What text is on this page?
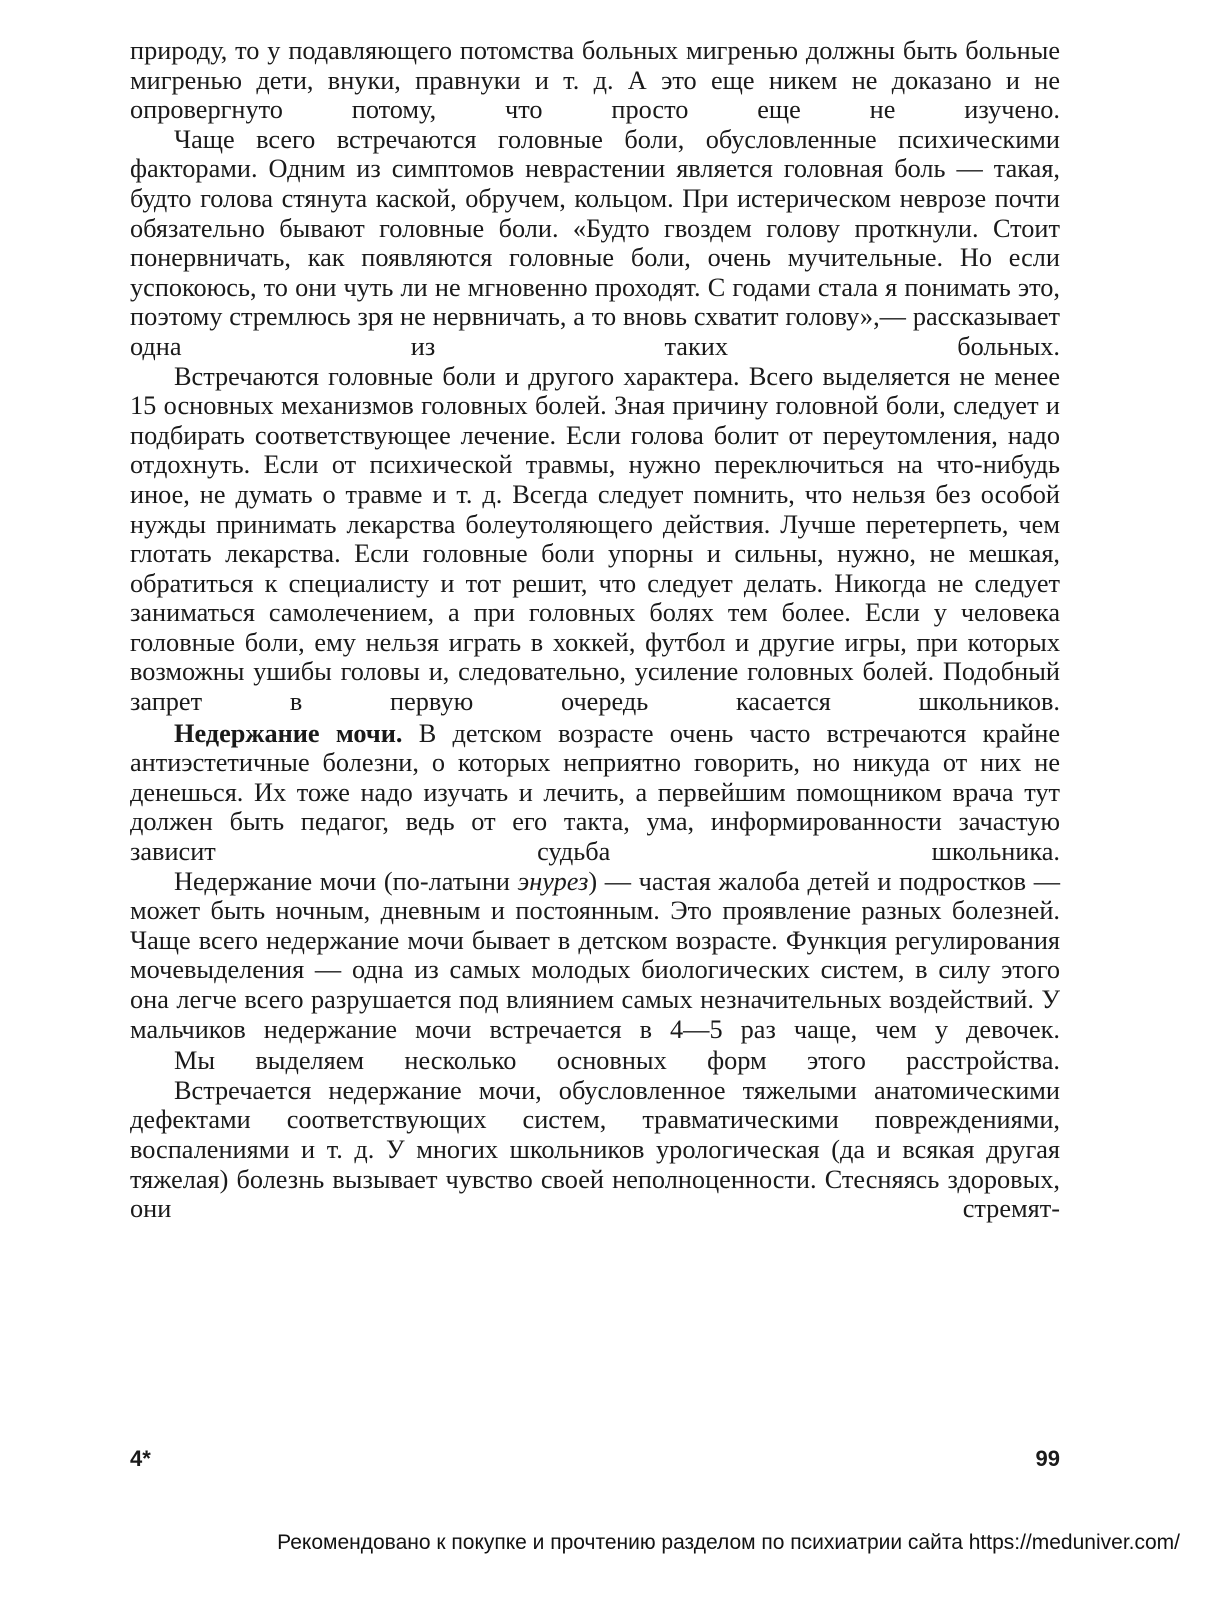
природу, то у подавляющего потомства больных мигренью должны быть больные мигренью дети, внуки, правнуки и т. д. А это еще никем не доказано и не опровергнуто потому, что просто еще не изучено.

Чаще всего встречаются головные боли, обусловленные психическими факторами. Одним из симптомов неврастении является головная боль — такая, будто голова стянута каской, обручем, кольцом. При истерическом неврозе почти обязательно бывают головные боли. «Будто гвоздем голову проткнули. Стоит понервничать, как появляются головные боли, очень мучительные. Но если успокоюсь, то они чуть ли не мгновенно проходят. С годами стала я понимать это, поэтому стремлюсь зря не нервничать, а то вновь схватит голову»,— рассказывает одна из таких больных.

Встречаются головные боли и другого характера. Всего выделяется не менее 15 основных механизмов головных болей. Зная причину головной боли, следует и подбирать соответствующее лечение. Если голова болит от переутомления, надо отдохнуть. Если от психической травмы, нужно переключиться на что-нибудь иное, не думать о травме и т. д. Всегда следует помнить, что нельзя без особой нужды принимать лекарства болеутоляющего действия. Лучше перетерпеть, чем глотать лекарства. Если головные боли упорны и сильны, нужно, не мешкая, обратиться к специалисту и тот решит, что следует делать. Никогда не следует заниматься самолечением, а при головных болях тем более. Если у человека головные боли, ему нельзя играть в хоккей, футбол и другие игры, при которых возможны ушибы головы и, следовательно, усиление головных болей. Подобный запрет в первую очередь касается школьников.

Недержание мочи. В детском возрасте очень часто встречаются крайне антиэстетичные болезни, о которых неприятно говорить, но никуда от них не денешься. Их тоже надо изучать и лечить, а первейшим помощником врача тут должен быть педагог, ведь от его такта, ума, информированности зачастую зависит судьба школьника.

Недержание мочи (по-латыни энурез) — частая жалоба детей и подростков — может быть ночным, дневным и постоянным. Это проявление разных болезней. Чаще всего недержание мочи бывает в детском возрасте. Функция регулирования мочевыделения — одна из самых молодых биологических систем, в силу этого она легче всего разрушается под влиянием самых незначительных воздействий. У мальчиков недержание мочи встречается в 4—5 раз чаще, чем у девочек.

Мы выделяем несколько основных форм этого расстройства.

Встречается недержание мочи, обусловленное тяжелыми анатомическими дефектами соответствующих систем, травматическими повреждениями, воспалениями и т. д. У многих школьников урологическая (да и всякая другая тяжелая) болезнь вызывает чувство своей неполноценности. Стесняясь здоровых, они стремят-

4*	99
Рекомендовано к покупке и прочтению разделом по психиатрии сайта https://meduniver.com/
